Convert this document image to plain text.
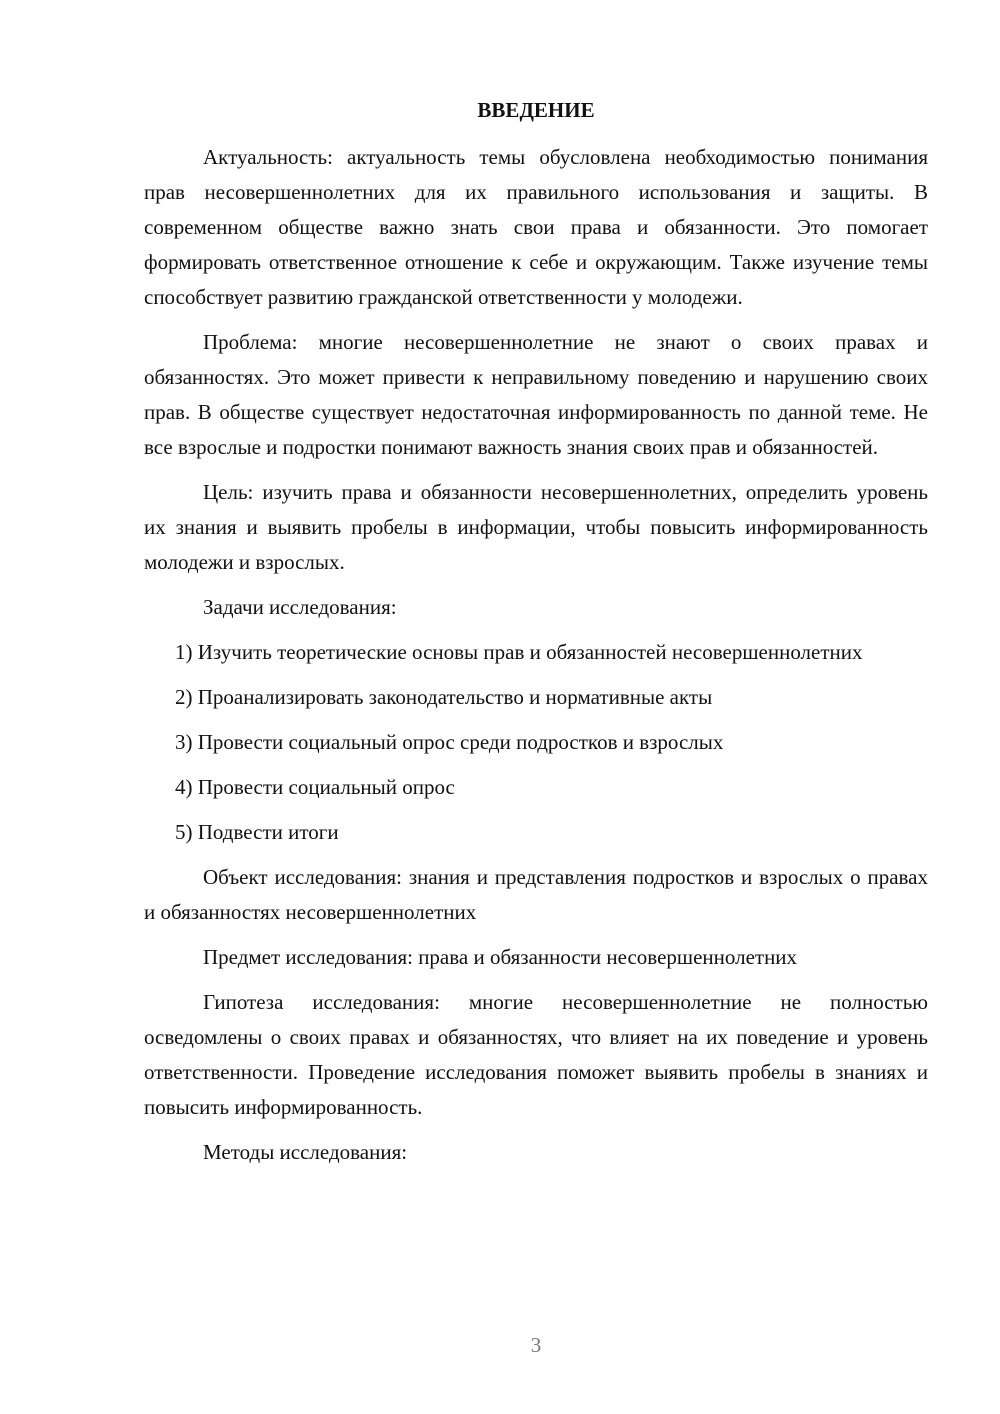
ВВЕДЕНИЕ

Актуальность: актуальность темы обусловлена необходимостью понимания прав несовершеннолетних для их правильного использования и защиты. В современном обществе важно знать свои права и обязанности. Это помогает формировать ответственное отношение к себе и окружающим. Также изучение темы способствует развитию гражданской ответственности у молодежи.

Проблема: многие несовершеннолетние не знают о своих правах и обязанностях. Это может привести к неправильному поведению и нарушению своих прав. В обществе существует недостаточная информированность по данной теме. Не все взрослые и подростки понимают важность знания своих прав и обязанностей.

Цель: изучить права и обязанности несовершеннолетних, определить уровень их знания и выявить пробелы в информации, чтобы повысить информированность молодежи и взрослых.

Задачи исследования:

1) Изучить теоретические основы прав и обязанностей несовершеннолетних

2) Проанализировать законодательство и нормативные акты

3) Провести социальный опрос среди подростков и взрослых

4) Провести социальный опрос

5) Подвести итоги

Объект исследования: знания и представления подростков и взрослых о правах и обязанностях несовершеннолетних

Предмет исследования: права и обязанности несовершеннолетних

Гипотеза исследования: многие несовершеннолетние не полностью осведомлены о своих правах и обязанностях, что влияет на их поведение и уровень ответственности. Проведение исследования поможет выявить пробелы в знаниях и повысить информированность.

Методы исследования:

3
